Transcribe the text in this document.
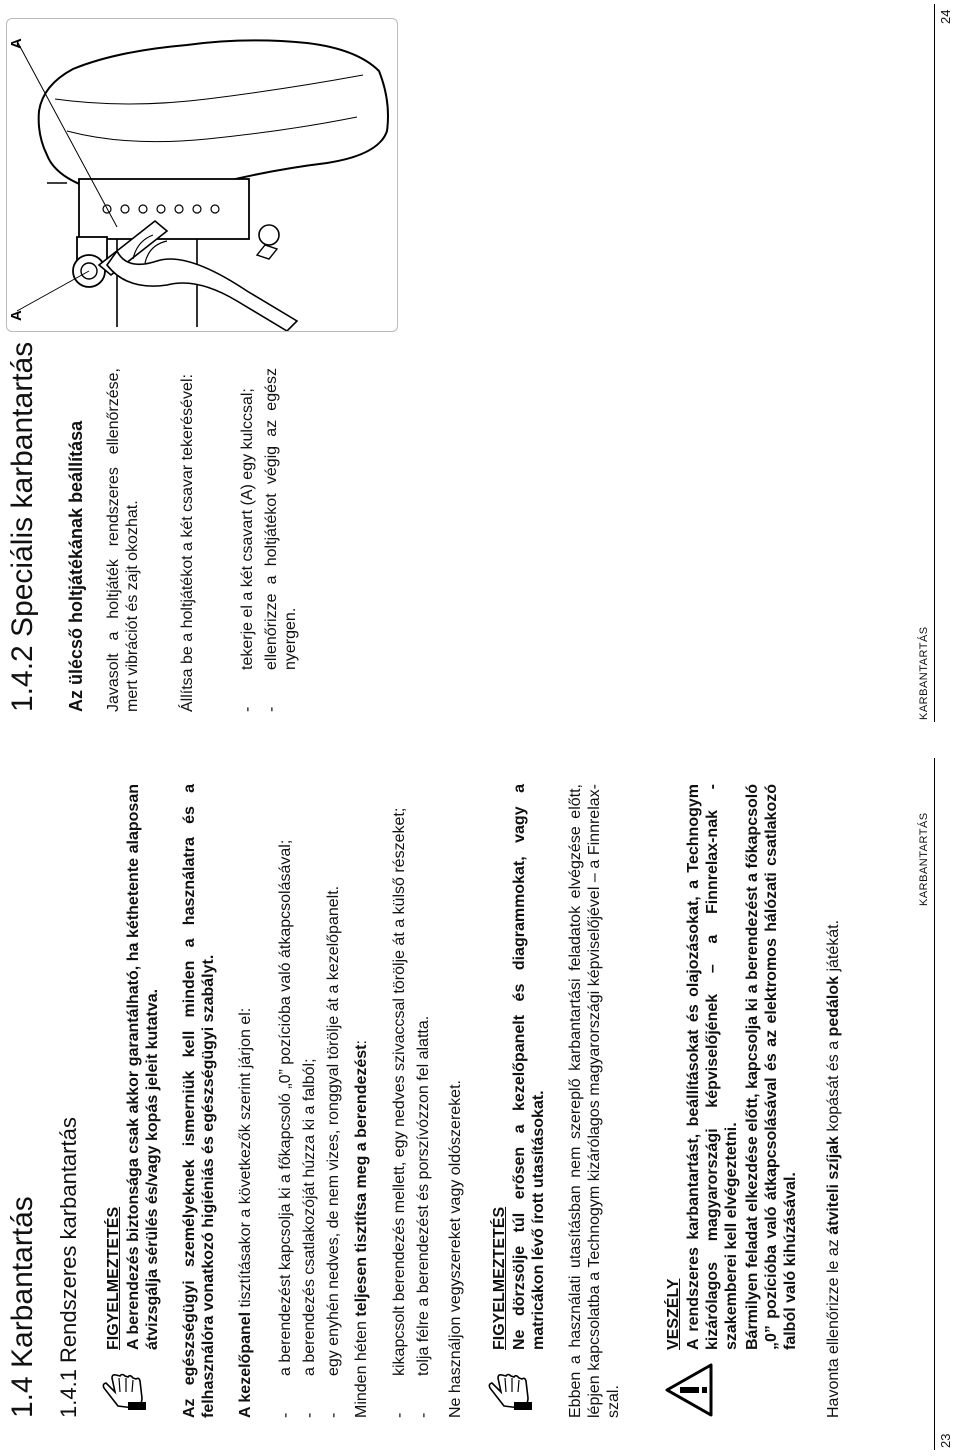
1.4 Karbantartás 1.4.1 Rendszeres karbantartás FIGYELMEZTETÉS A berendezés biztonsága csak akkor garantálható, ha kéthetente alaposan átvizsgálja sérülés és/vagy kopás jeleit kutatva. Az egészségügyi személyeknek ismerniük kell minden a használatra és a felhasználóra vonatkozó higiéniás és egészségügyi szabályt. A kezelőpanel tisztításakor a következők szerint járjon el: - a berendezést kapcsolja ki a főkapcsoló „0” pozícióba való átkapcsolásával; - a berendezés csatlakozóját húzza ki a falból; - egy enyhén nedves, de nem vizes, ronggyal törölje át a kezelőpanelt. Minden héten teljesen tisztítsa meg a berendezést: - kikapcsolt berendezés mellett, egy nedves szivaccsal törölje át a külső részeket; - tolja félre a berendezést és porszívózzon fel alatta. Ne használjon vegyszereket vagy oldószereket. FIGYELMEZTETÉS Ne dörzsölje túl erősen a kezelőpanelt és diagrammokat, vagy a matricákon lévő írott utasításokat. Ebben a használati utasításban nem szereplő karbantartási feladatok elvégzése előtt, lépjen kapcsolatba a Technogym kizárólagos magyarországi képviselőjével – a Finnrelax-szal.
VESZÉLY A rendszeres karbantartást, beállításokat és olajozásokat, a Technogym kizárólagos magyarországi képviselőjének – a Finnrelax-nak - szakemberei kell elvégeztetni. Bármilyen feladat elkezdése előtt, kapcsolja ki a berendezést a főkapcsoló „0” pozícióba való átkapcsolásával és az elektromos hálózati csatlakozó falból való kihúzásával. Havonta ellenőrizze le az átviteli szíjak kopását és a pedálok játékát.
KARBANTARTÁS
23
1.4.2 Speciális karbantartás Az ülécső holtjátékának beállítása Javasolt a holtjáték rendszeres ellenőrzése, mert vibrációt és zajt okozhat. Állítsa be a holtjátékot a két csavar tekerésével:	- tekerje el a két csavart (A) egy kulccsal; - ellenőrizze a holtjátékot végig az egész nyergen.
A
A
KARBANTARTÁS
24
